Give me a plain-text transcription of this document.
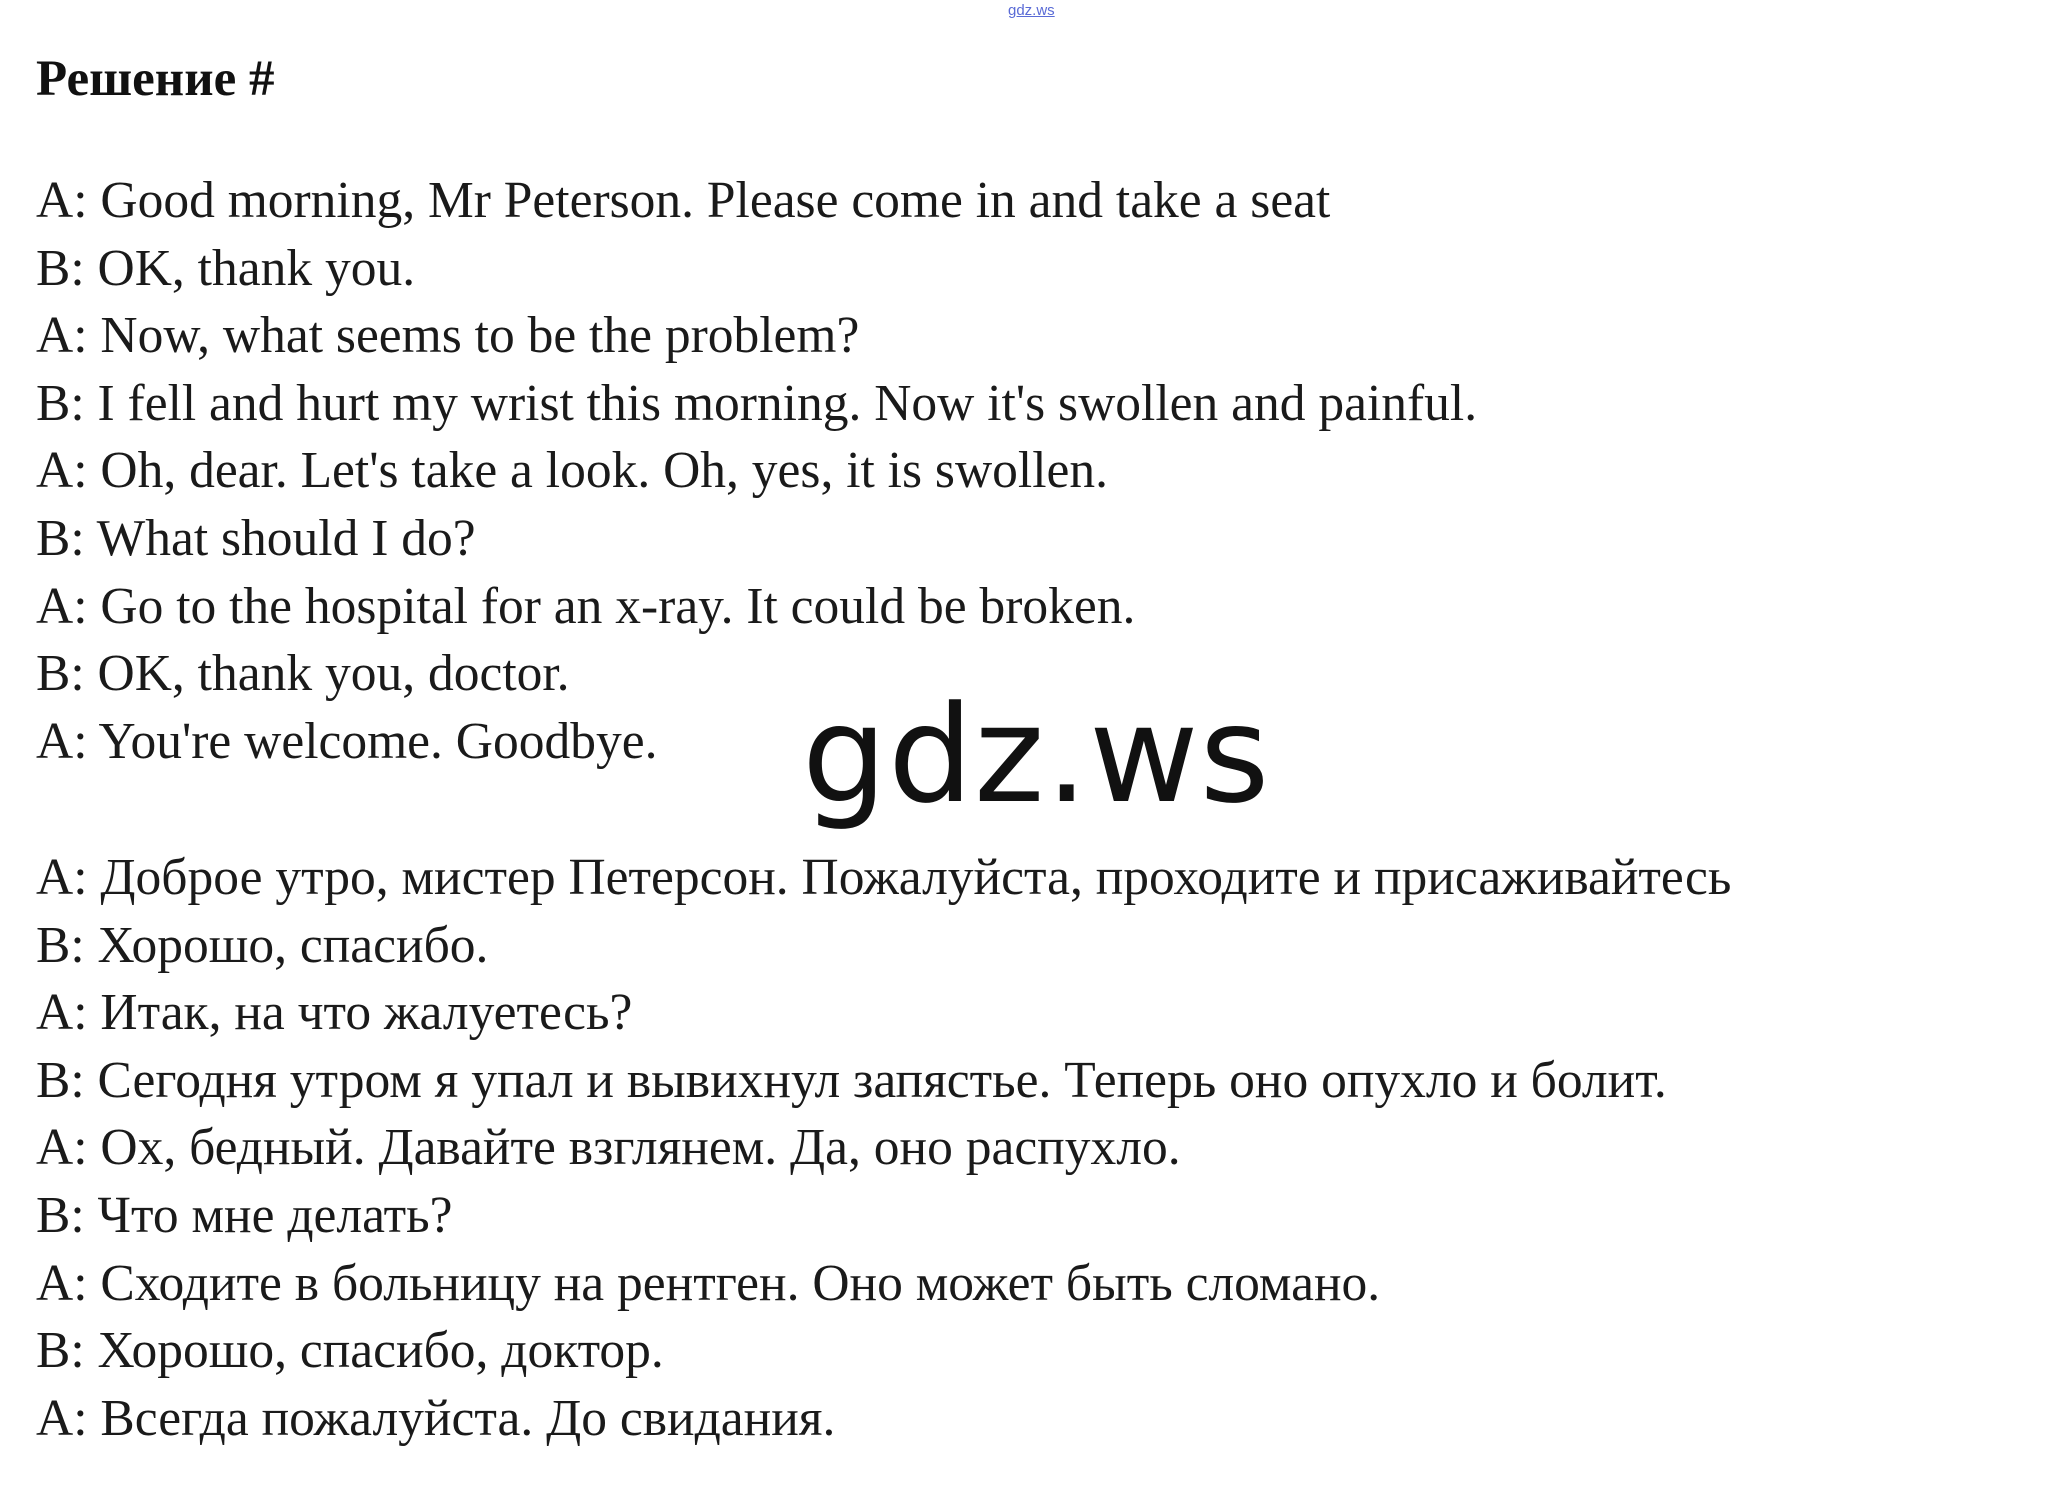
gdz.ws
Решение #
A: Good morning, Mr Peterson. Please come in and take a seat
B: OK, thank you.
A: Now, what seems to be the problem?
B: I fell and hurt my wrist this morning. Now it's swollen and painful.
A: Oh, dear. Let's take a look. Oh, yes, it is swollen.
B: What should I do?
A: Go to the hospital for an x-ray. It could be broken.
B: OK, thank you, doctor.
A: You're welcome. Goodbye.	gdz.ws
A: Доброе утро, мистер Петерсон. Пожалуйста, проходите и присаживайтесь
B: Хорошо, спасибо.
A: Итак, на что жалуетесь?
B: Сегодня утром я упал и вывихнул запястье. Теперь оно опухло и болит.
A: Ох, бедный. Давайте взглянем. Да, оно распухло.
B: Что мне делать?
A: Сходите в больницу на рентген. Оно может быть сломано.
B: Хорошо, спасибо, доктор.
A: Всегда пожалуйста. До свидания.
